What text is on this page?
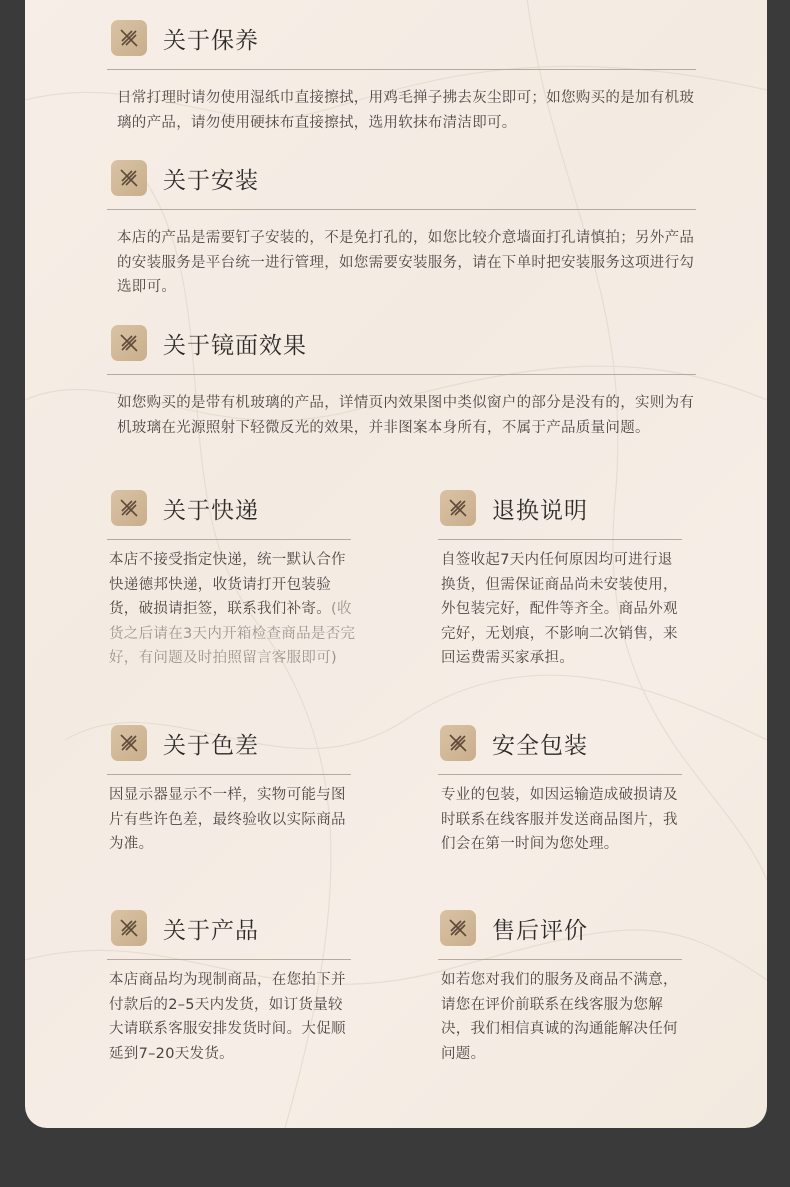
关于保养
日常打理时请勿使用湿纸巾直接擦拭，用鸡毛掸子拂去灰尘即可；如您购买的是加有机玻璃的产品，请勿使用硬抹布直接擦拭，选用软抹布清洁即可。
关于安装
本店的产品是需要钉子安装的，不是免打孔的，如您比较介意墙面打孔请慎拍；另外产品的安装服务是平台统一进行管理，如您需要安装服务，请在下单时把安装服务这项进行勾选即可。
关于镜面效果
如您购买的是带有机玻璃的产品，详情页内效果图中类似窗户的部分是没有的，实则为有机玻璃在光源照射下轻微反光的效果，并非图案本身所有，不属于产品质量问题。
关于快递
本店不接受指定快递，统一默认合作快递德邦快递，收货请打开包装验货，破损请拒签，联系我们补寄。(收货之后请在3天内开箱检查商品是否完好，有问题及时拍照留言客服即可)
退换说明
自签收起7天内任何原因均可进行退换货，但需保证商品尚未安装使用，外包装完好，配件等齐全。商品外观完好，无划痕，不影响二次销售，来回运费需买家承担。
关于色差
因显示器显示不一样，实物可能与图片有些许色差，最终验收以实际商品为准。
安全包装
专业的包装，如因运输造成破损请及时联系在线客服并发送商品图片，我们会在第一时间为您处理。
关于产品
本店商品均为现制商品，在您拍下并付款后的2–5天内发货，如订货量较大请联系客服安排发货时间。大促顺延到7–20天发货。
售后评价
如若您对我们的服务及商品不满意，请您在评价前联系在线客服为您解决，我们相信真诚的沟通能解决任何问题。
